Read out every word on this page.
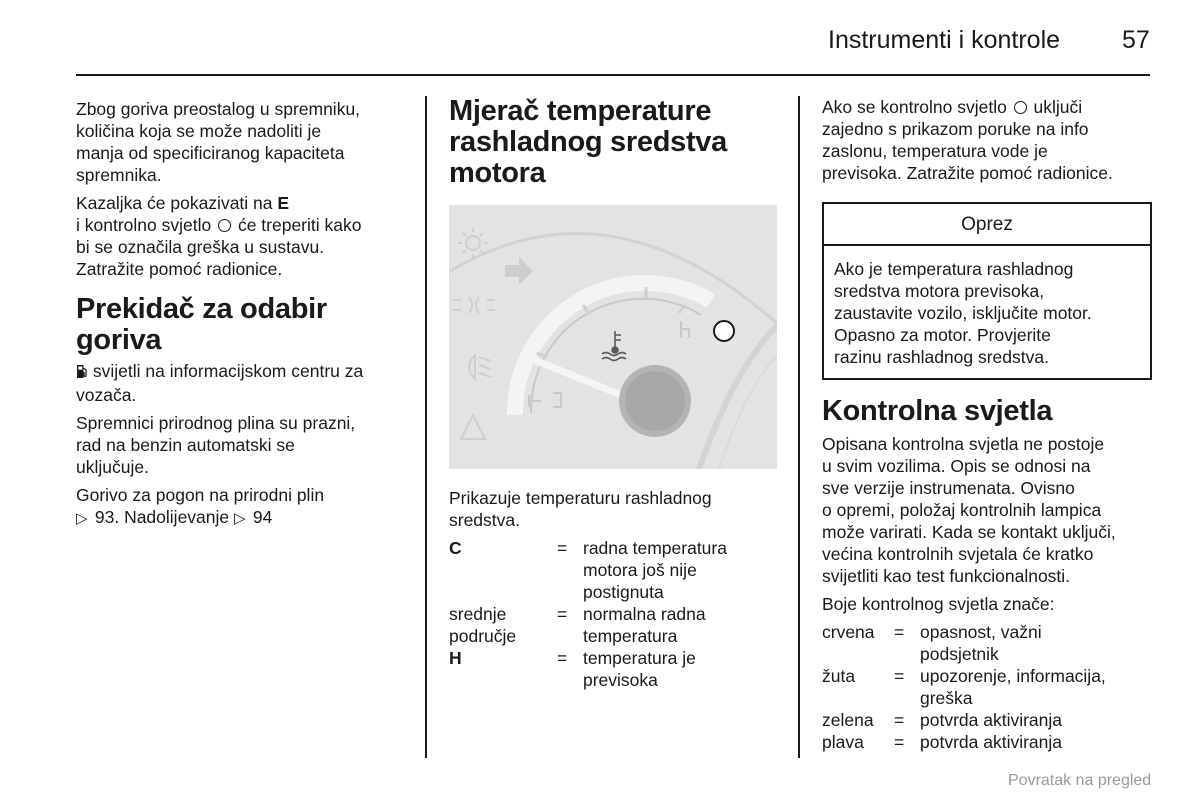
Instrumenti i kontrole 57

Zbog goriva preostalog u spremniku,
količina koja se može nadoliti je
manja od specificiranog kapaciteta
spremnika.

Kazaljka će pokazivati na E
i kontrolno svjetlo  će treperiti kako
bi se označila greška u sustavu.
Zatražite pomoć radionice.

Prekidač za odabir goriva

svijetli na informacijskom centru za
vozača.

Spremnici prirodnog plina su prazni,
rad na benzin automatski se
uključuje.

Gorivo za pogon na prirodni plin
▷ 93. Nadolijevanje ▷ 94

Mjerač temperature
rashladnog sredstva
motora

Prikazuje temperaturu rashladnog
sredstva.

C	=	radna temperatura
motora još nije
postignuta

srednje
područje	=	normalna radna
temperatura

H	=	temperatura je
previsoka

Ako se kontrolno svjetlo  uključi
zajedno s prikazom poruke na info
zaslonu, temperatura vode je
previsoka. Zatražite pomoć radionice.

Oprez
Ako je temperatura rashladnog
sredstva motora previsoka,
zaustavite vozilo, isključite motor.
Opasno za motor. Provjerite
razinu rashladnog sredstva.
Kontrolna svjetla

Opisana kontrolna svjetla ne postoje
u svim vozilima. Opis se odnosi na
sve verzije instrumenata. Ovisno
o opremi, položaj kontrolnih lampica
može varirati. Kada se kontakt uključi,
većina kontrolnih svjetala će kratko
svijetliti kao test funkcionalnosti.

Boje kontrolnog svjetla znače:

crvena	=	opasnost, važni
podsjetnik

žuta	=	upozorenje, informacija,
greška

zelena	=	potvrda aktiviranja
plava	=	potvrda aktiviranja
Povratak na pregled
